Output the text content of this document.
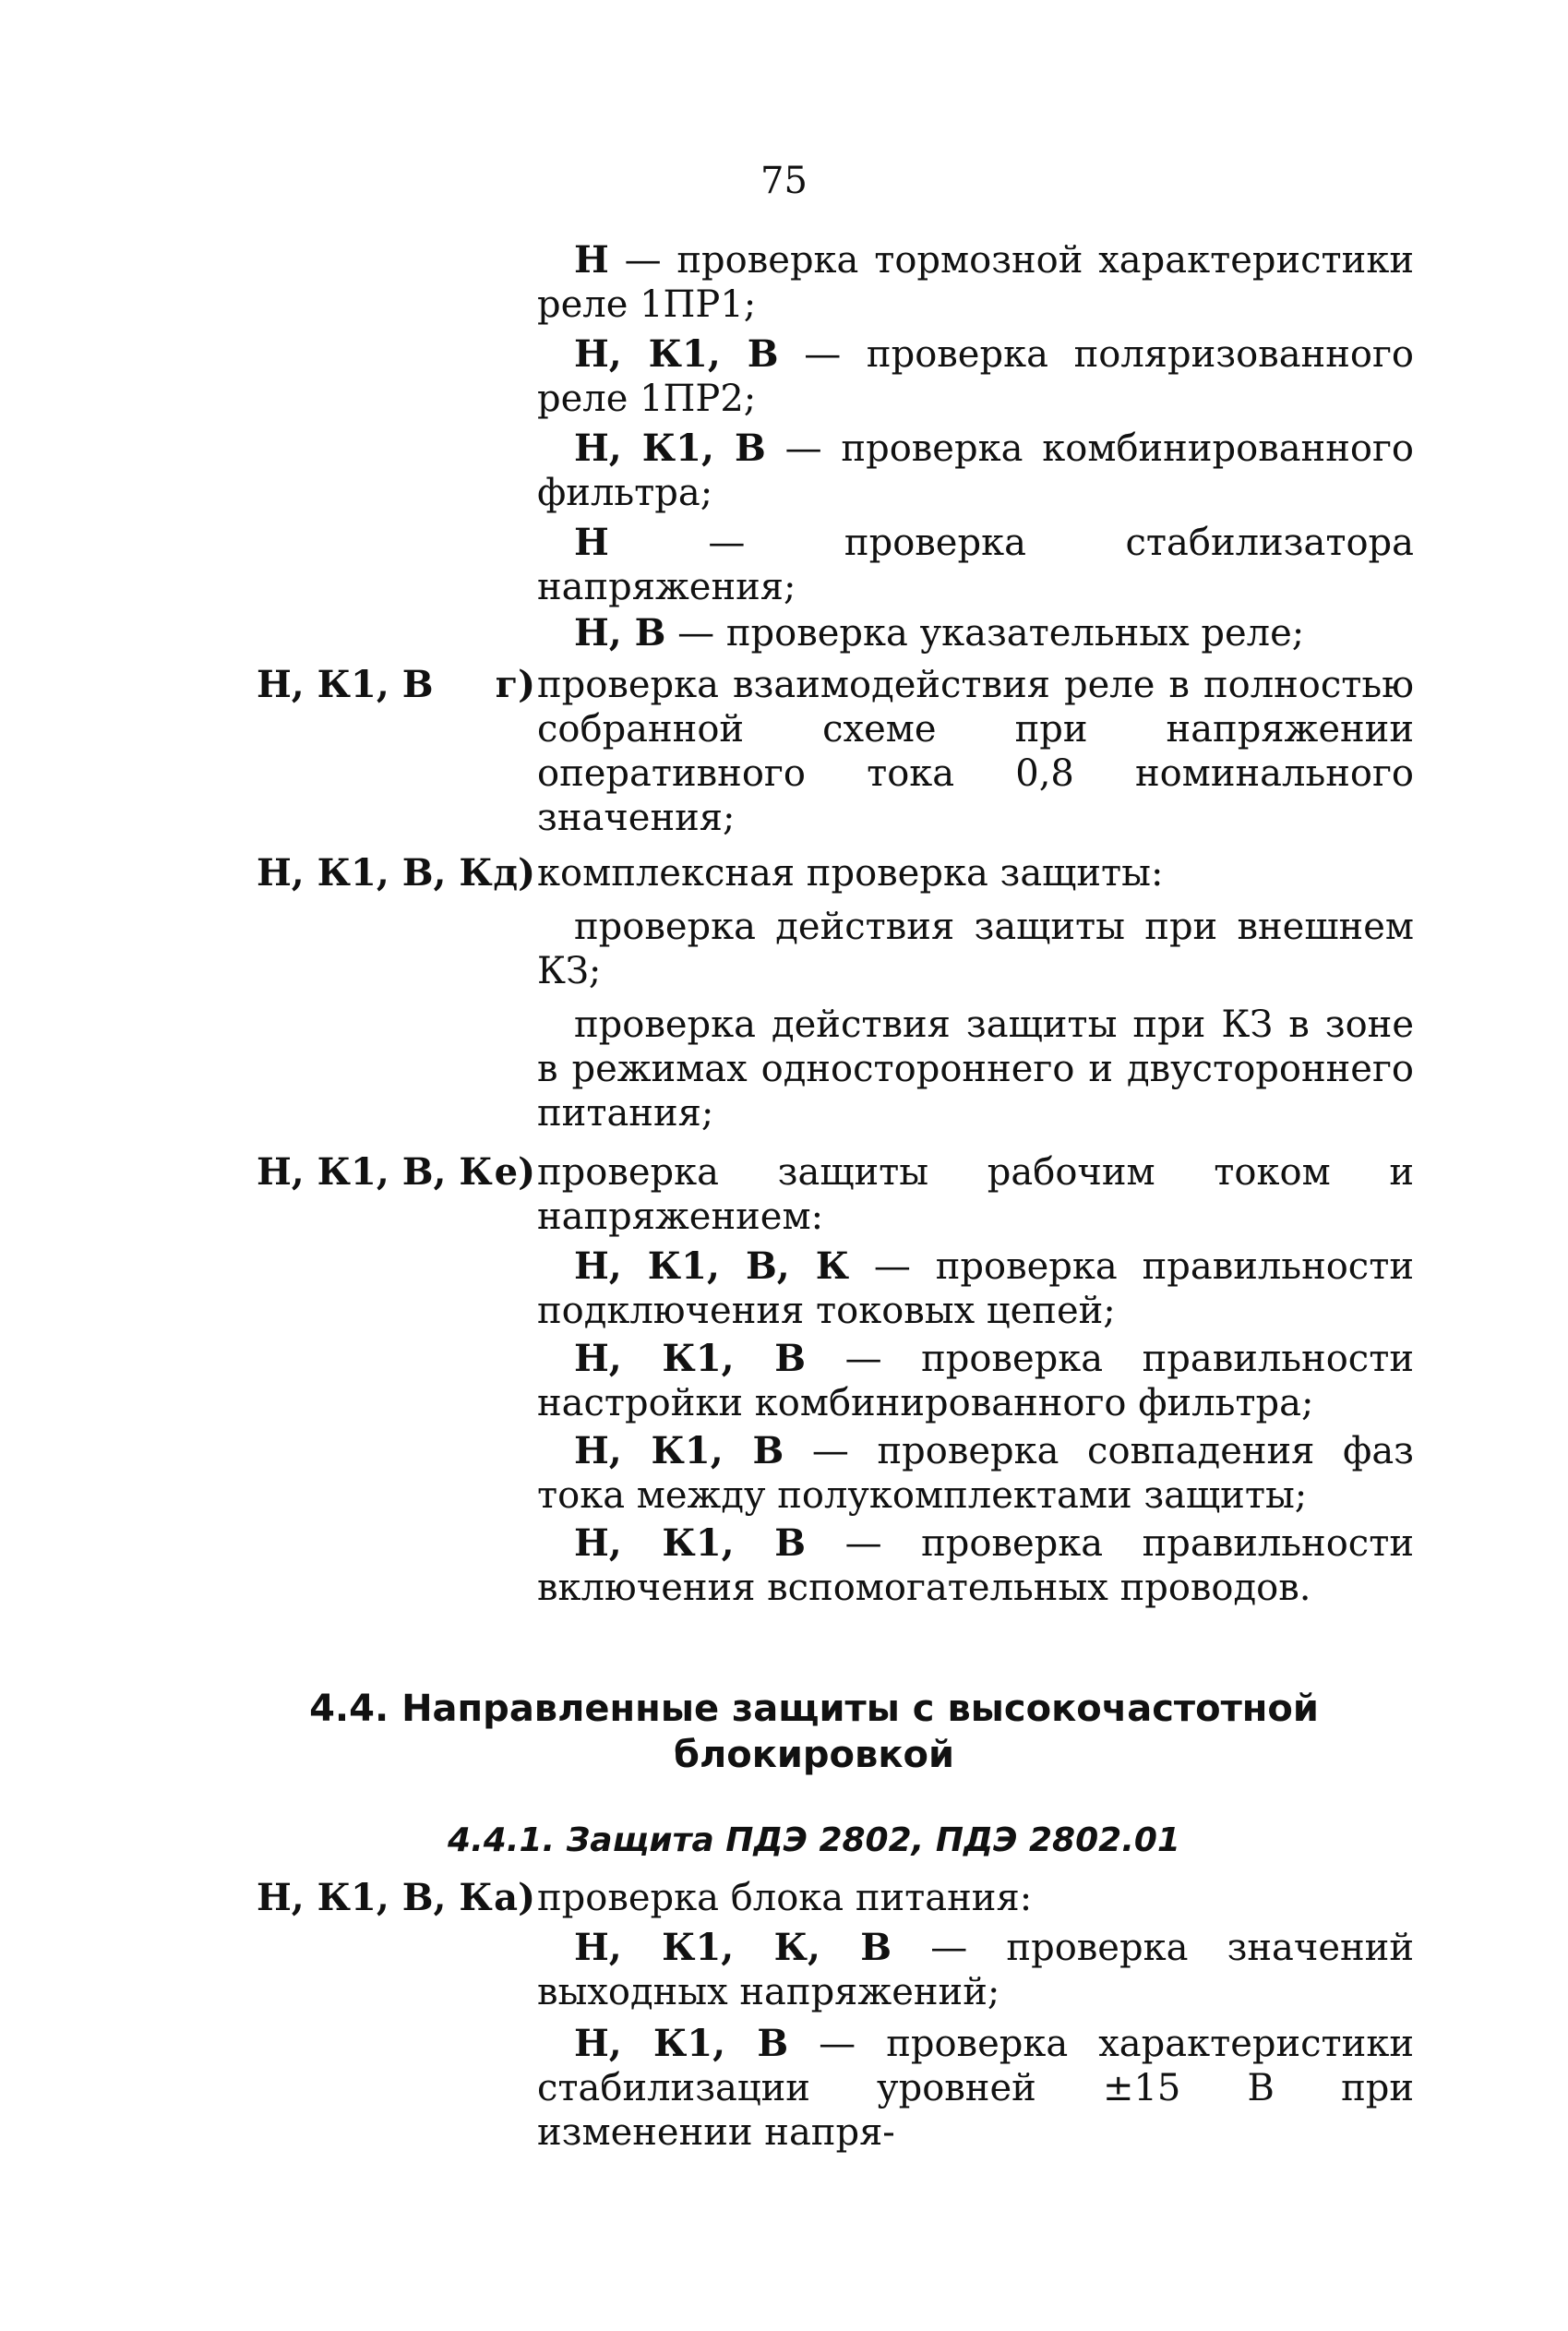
75

Н — проверка тормозной характеристики реле 1ПР1;

Н, К1, В — проверка поляризованного реле 1ПР2;

Н, К1, В — проверка комбинированного фильтра;

Н — проверка стабилизатора напряжения;

Н, В — проверка указательных реле;

Н, К1, В	г) проверка взаимодействия реле в полностью собранной схеме при напряжении оперативного тока 0,8 номинального значения;
Н, К1, В, К д) комплексная проверка защиты:

проверка действия защиты при внешнем КЗ;

проверка действия защиты при КЗ в зоне в режимах одностороннего и двустороннего питания;

Н, К1, В, К е) проверка защиты рабочим током и напряжением:

Н, К1, В, К — проверка правильности подключения токовых цепей;

Н, К1, В — проверка правильности настройки комбинированного фильтра;

Н, К1, В — проверка совпадения фаз тока между полукомплектами защиты;

Н, К1, В — проверка правильности включения вспомогательных проводов.

4.4. Направленные защиты с высокочастотной
блокировкой
4.4.1. Защита ПДЭ 2802, ПДЭ 2802.01
Н, К1, В, К а) проверка блока питания:

Н, К1, К, В — проверка значений выходных напряжений;

Н, К1, В — проверка характеристики стабилизации уровней ±15 В при изменении напря-
